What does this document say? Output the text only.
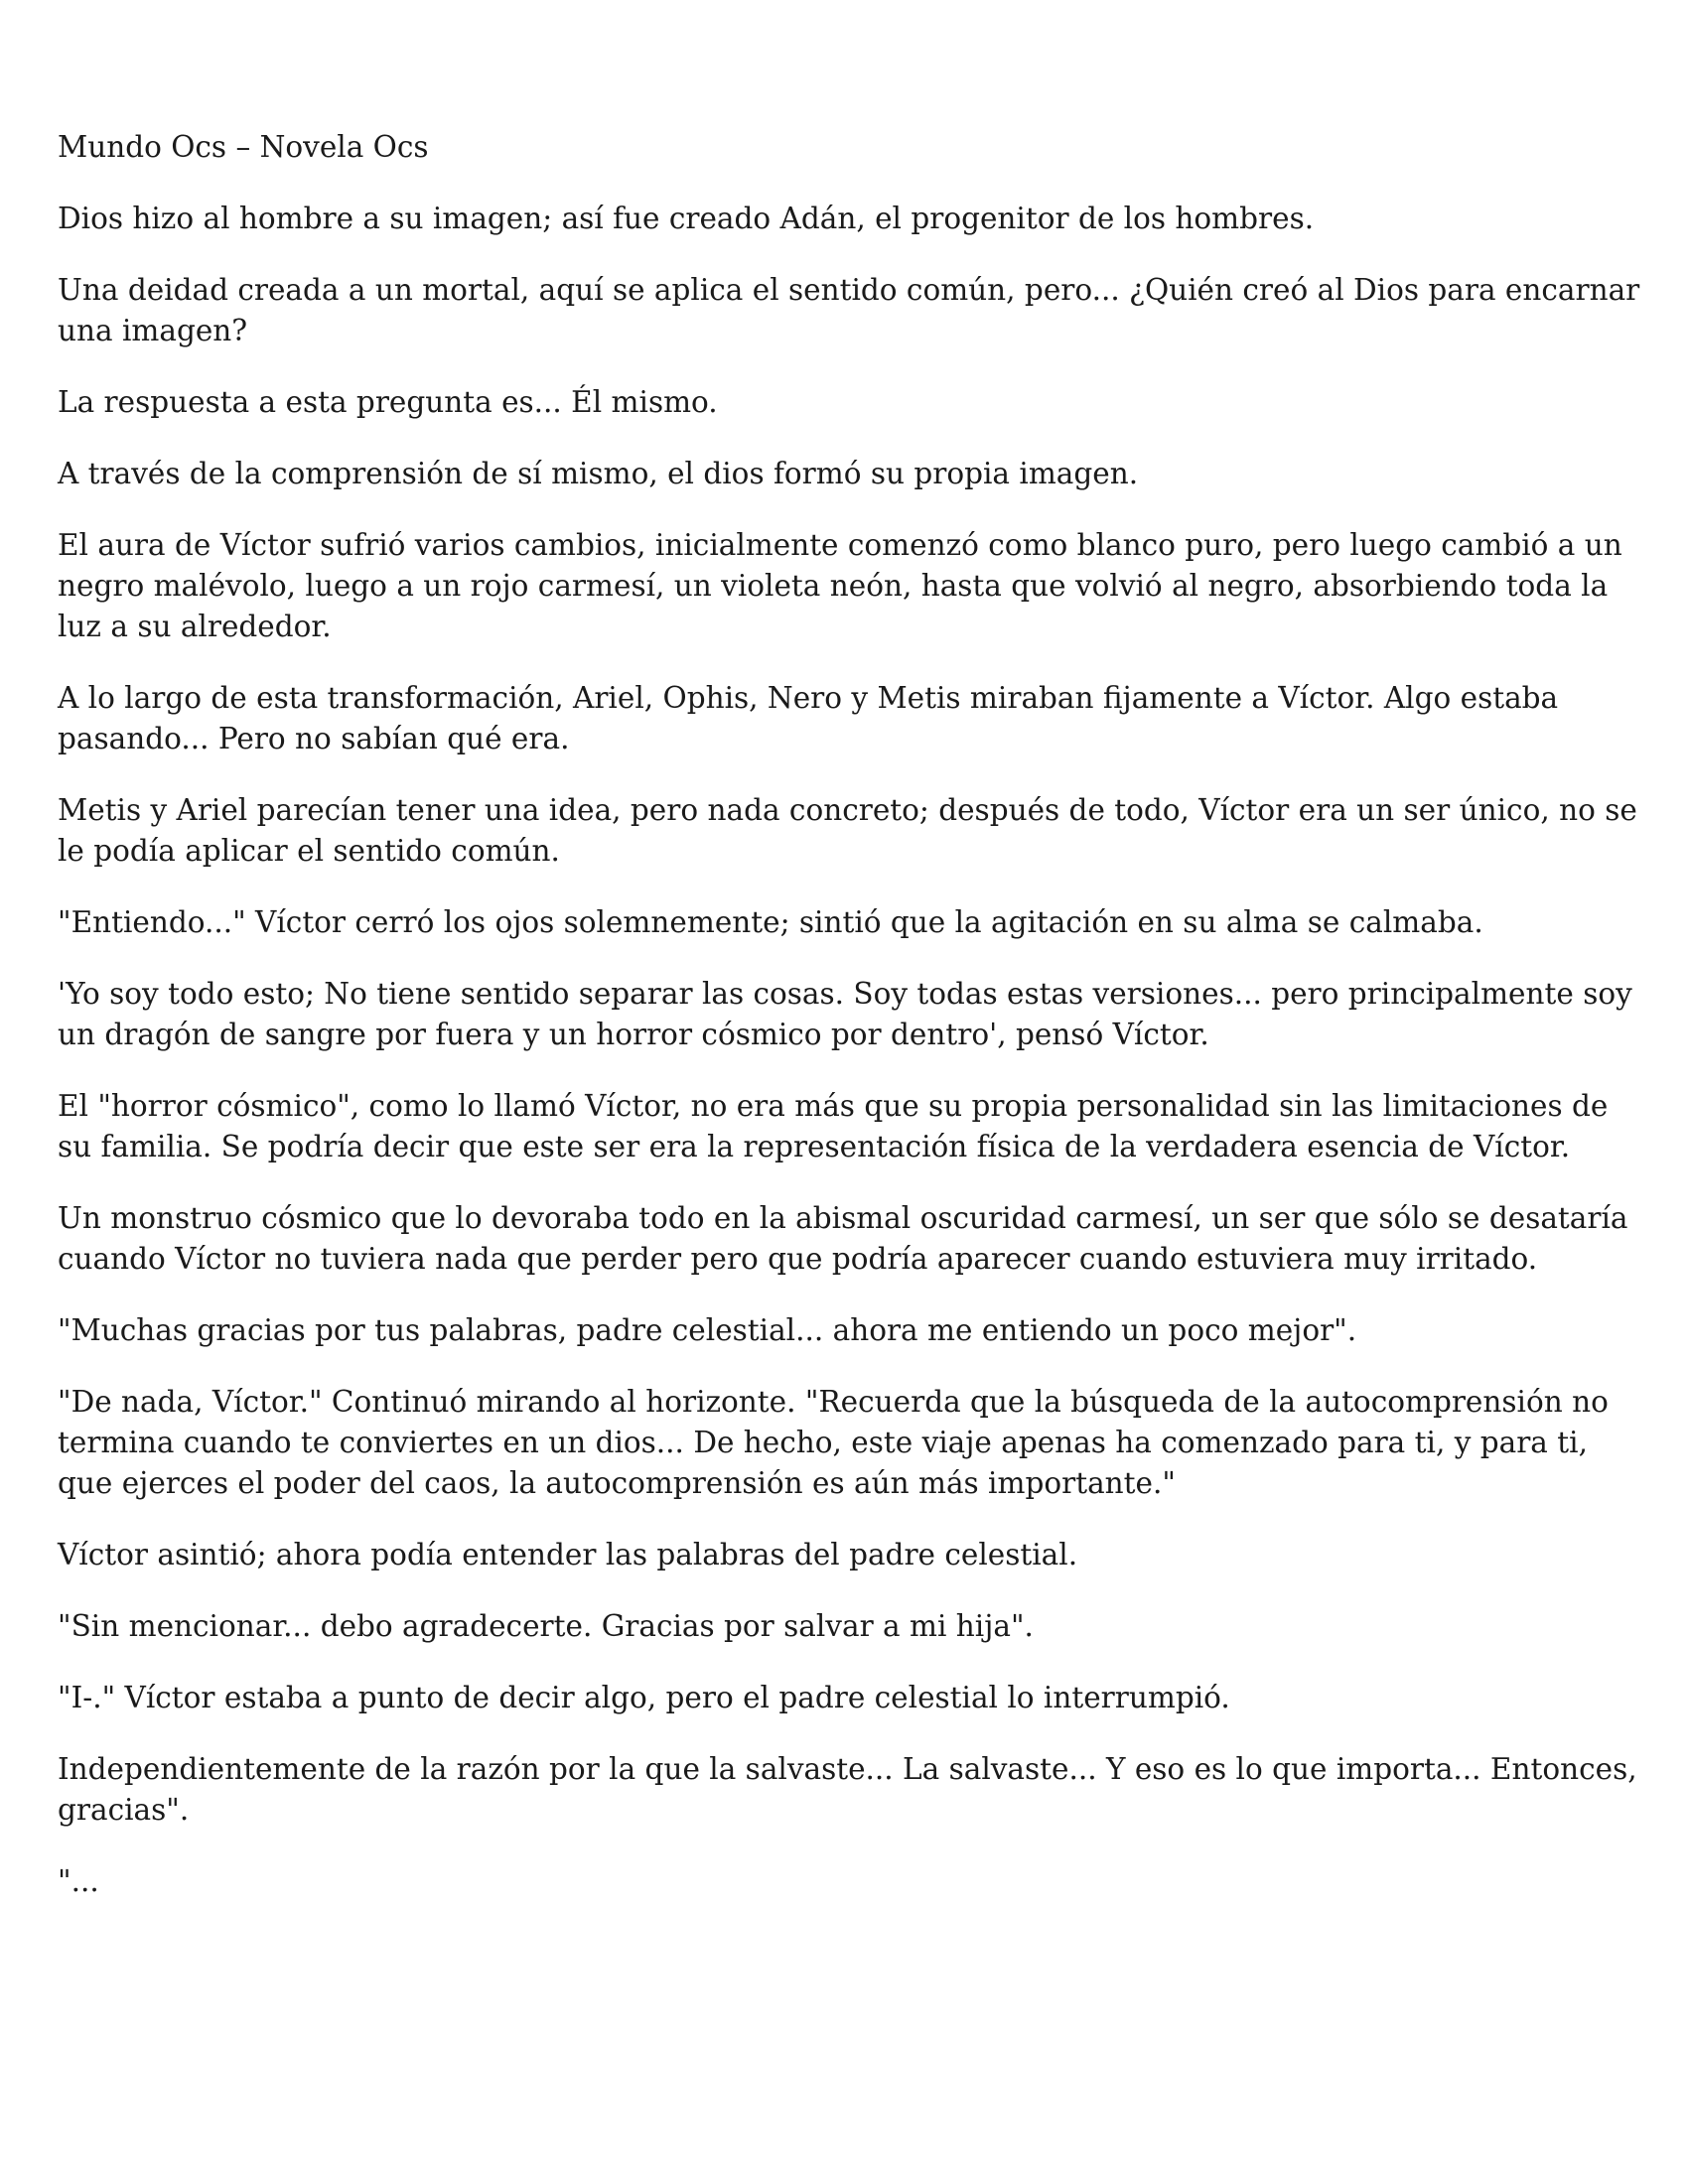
Mundo Ocs – Novela Ocs

Dios hizo al hombre a su imagen; así fue creado Adán, el progenitor de los hombres.

Una deidad creada a un mortal, aquí se aplica el sentido común, pero... ¿Quién creó al Dios para encarnar una imagen?

La respuesta a esta pregunta es... Él mismo.

A través de la comprensión de sí mismo, el dios formó su propia imagen.

El aura de Víctor sufrió varios cambios, inicialmente comenzó como blanco puro, pero luego cambió a un negro malévolo, luego a un rojo carmesí, un violeta neón, hasta que volvió al negro, absorbiendo toda la luz a su alrededor.

A lo largo de esta transformación, Ariel, Ophis, Nero y Metis miraban fijamente a Víctor. Algo estaba pasando... Pero no sabían qué era.

Metis y Ariel parecían tener una idea, pero nada concreto; después de todo, Víctor era un ser único, no se le podía aplicar el sentido común.

"Entiendo..." Víctor cerró los ojos solemnemente; sintió que la agitación en su alma se calmaba.

'Yo soy todo esto; No tiene sentido separar las cosas. Soy todas estas versiones... pero principalmente soy un dragón de sangre por fuera y un horror cósmico por dentro', pensó Víctor.

El "horror cósmico", como lo llamó Víctor, no era más que su propia personalidad sin las limitaciones de su familia. Se podría decir que este ser era la representación física de la verdadera esencia de Víctor.

Un monstruo cósmico que lo devoraba todo en la abismal oscuridad carmesí, un ser que sólo se desataría cuando Víctor no tuviera nada que perder pero que podría aparecer cuando estuviera muy irritado.

"Muchas gracias por tus palabras, padre celestial... ahora me entiendo un poco mejor".

"De nada, Víctor." Continuó mirando al horizonte. "Recuerda que la búsqueda de la autocomprensión no termina cuando te conviertes en un dios... De hecho, este viaje apenas ha comenzado para ti, y para ti, que ejerces el poder del caos, la autocomprensión es aún más importante."

Víctor asintió; ahora podía entender las palabras del padre celestial.

"Sin mencionar... debo agradecerte. Gracias por salvar a mi hija".

"I-." Víctor estaba a punto de decir algo, pero el padre celestial lo interrumpió.

Independientemente de la razón por la que la salvaste... La salvaste... Y eso es lo que importa... Entonces, gracias".

"...
